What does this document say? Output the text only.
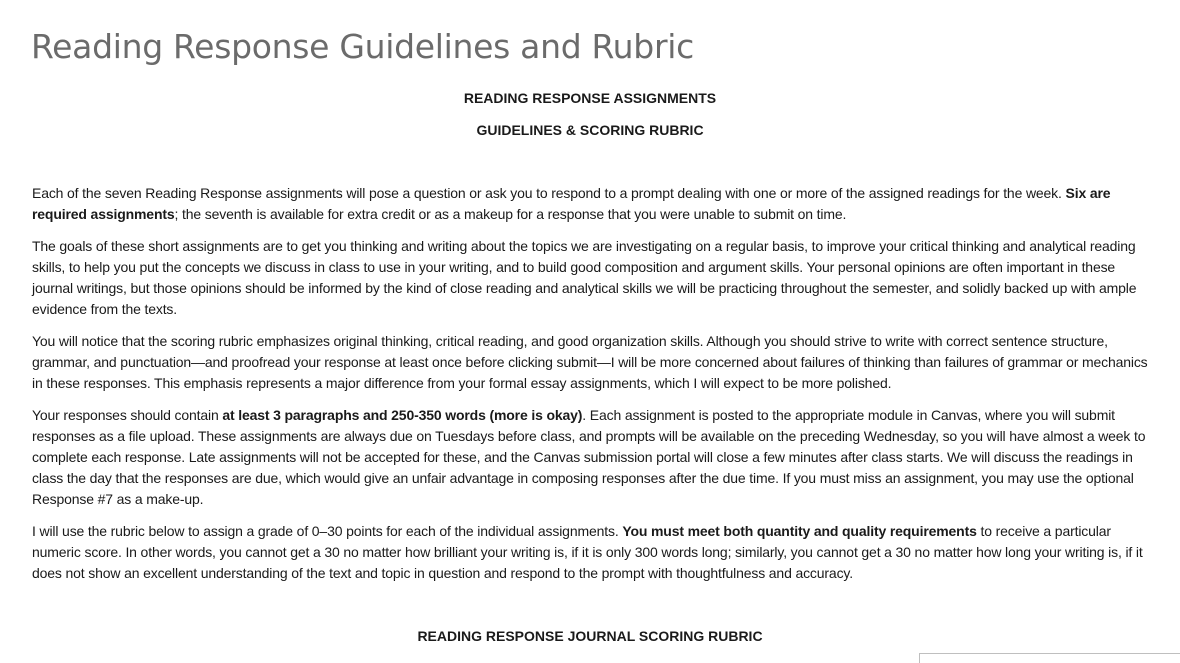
Reading Response Guidelines and Rubric

READING RESPONSE ASSIGNMENTS

GUIDELINES & SCORING RUBRIC

Each of the seven Reading Response assignments will pose a question or ask you to respond to a prompt dealing with one or more of the assigned readings for the week. Six are required assignments; the seventh is available for extra credit or as a makeup for a response that you were unable to submit on time.

The goals of these short assignments are to get you thinking and writing about the topics we are investigating on a regular basis, to improve your critical thinking and analytical reading skills, to help you put the concepts we discuss in class to use in your writing, and to build good composition and argument skills. Your personal opinions are often important in these journal writings, but those opinions should be informed by the kind of close reading and analytical skills we will be practicing throughout the semester, and solidly backed up with ample evidence from the texts.

You will notice that the scoring rubric emphasizes original thinking, critical reading, and good organization skills. Although you should strive to write with correct sentence structure, grammar, and punctuation—and proofread your response at least once before clicking submit—I will be more concerned about failures of thinking than failures of grammar or mechanics in these responses. This emphasis represents a major difference from your formal essay assignments, which I will expect to be more polished.

Your responses should contain at least 3 paragraphs and 250-350 words (more is okay). Each assignment is posted to the appropriate module in Canvas, where you will submit responses as a file upload. These assignments are always due on Tuesdays before class, and prompts will be available on the preceding Wednesday, so you will have almost a week to complete each response. Late assignments will not be accepted for these, and the Canvas submission portal will close a few minutes after class starts. We will discuss the readings in class the day that the responses are due, which would give an unfair advantage in composing responses after the due time. If you must miss an assignment, you may use the optional Response #7 as a make-up.

I will use the rubric below to assign a grade of 0–30 points for each of the individual assignments. You must meet both quantity and quality requirements to receive a particular numeric score. In other words, you cannot get a 30 no matter how brilliant your writing is, if it is only 300 words long; similarly, you cannot get a 30 no matter how long your writing is, if it does not show an excellent understanding of the text and topic in question and respond to the prompt with thoughtfulness and accuracy.

READING RESPONSE JOURNAL SCORING RUBRIC
